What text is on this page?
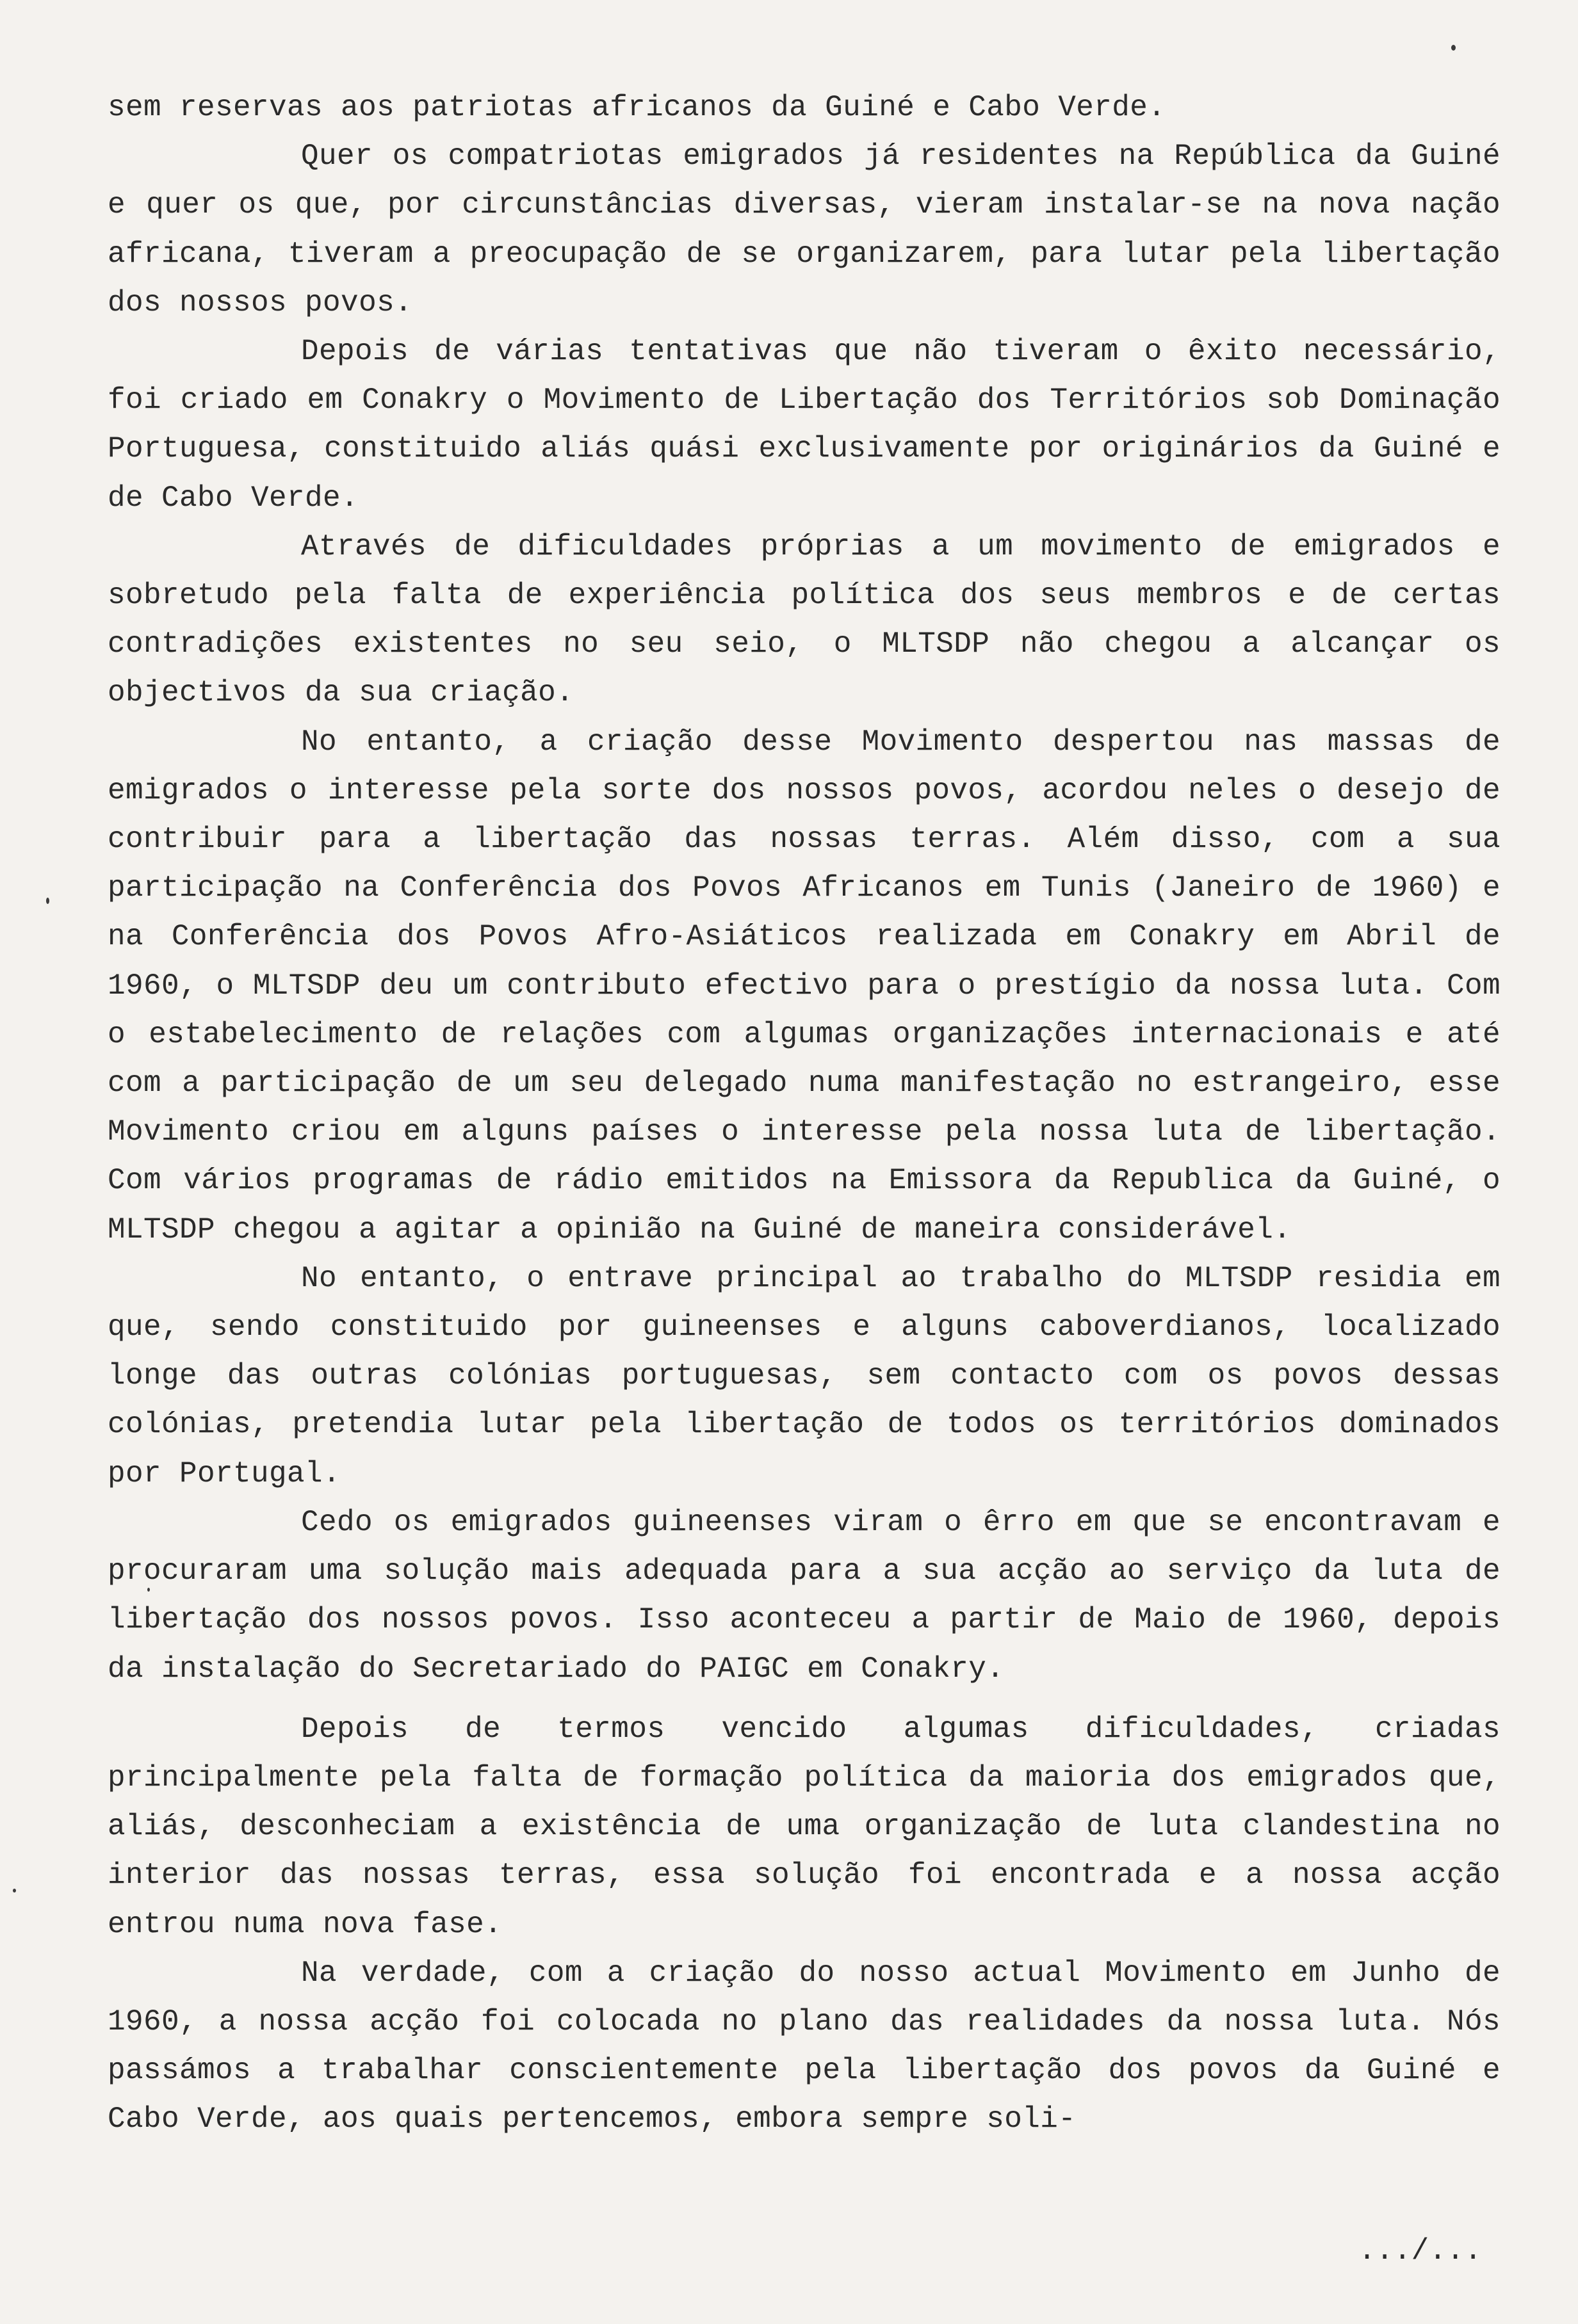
sem reservas aos patriotas africanos da Guiné e Cabo Verde.

Quer os compatriotas emigrados já residentes na República da Guiné e quer os que, por circunstâncias diversas, vieram instalar-se na nova nação africana, tiveram a preocupação de se organizarem, para lutar pela libertação dos nossos povos.

Depois de várias tentativas que não tiveram o êxito necessário, foi criado em Conakry o Movimento de Libertação dos Territórios sob Dominação Portuguesa, constituido aliás quási exclusivamente por originários da Guiné e de Cabo Verde.

Através de dificuldades próprias a um movimento de emigrados e sobretudo pela falta de experiência política dos seus membros e de certas contradições existentes no seu seio, o MLTSDP não chegou a alcançar os objectivos da sua criação.

No entanto, a criação desse Movimento despertou nas massas de emigrados o interesse pela sorte dos nossos povos, acordou neles o desejo de contribuir para a libertação das nossas terras. Além disso, com a sua participação na Conferência dos Povos Africanos em Tunis (Janeiro de 1960) e na Conferência dos Povos Afro-Asiáticos realizada em Conakry em Abril de 1960, o MLTSDP deu um contributo efectivo para o prestígio da nossa luta. Com o estabelecimento de relações com algumas organizações internacionais e até com a participação de um seu delegado numa manifestação no estrangeiro, esse Movimento criou em alguns países o interesse pela nossa luta de libertação. Com vários programas de rádio emitidos na Emissora da Republica da Guiné, o MLTSDP chegou a agitar a opinião na Guiné de maneira considerável.

No entanto, o entrave principal ao trabalho do MLTSDP residia em que, sendo constituido por guineenses e alguns caboverdianos, localizado longe das outras colónias portuguesas, sem contacto com os povos dessas colónias, pretendia lutar pela libertação de todos os territórios dominados por Portugal.

Cedo os emigrados guineenses viram o êrro em que se encontravam e procuraram uma solução mais adequada para a sua acção ao serviço da luta de libertação dos nossos povos. Isso aconteceu a partir de Maio de 1960, depois da instalação do Secretariado do PAIGC em Conakry.

Depois de termos vencido algumas dificuldades, criadas principalmente pela falta de formação política da maioria dos emigrados que, aliás, desconheciam a existência de uma organização de luta clandestina no interior das nossas terras, essa solução foi encontrada e a nossa acção entrou numa nova fase.

Na verdade, com a criação do nosso actual Movimento em Junho de 1960, a nossa acção foi colocada no plano das realidades da nossa luta. Nós passámos a trabalhar conscientemente pela libertação dos povos da Guiné e Cabo Verde, aos quais pertencemos, embora sempre soli-

.../...
